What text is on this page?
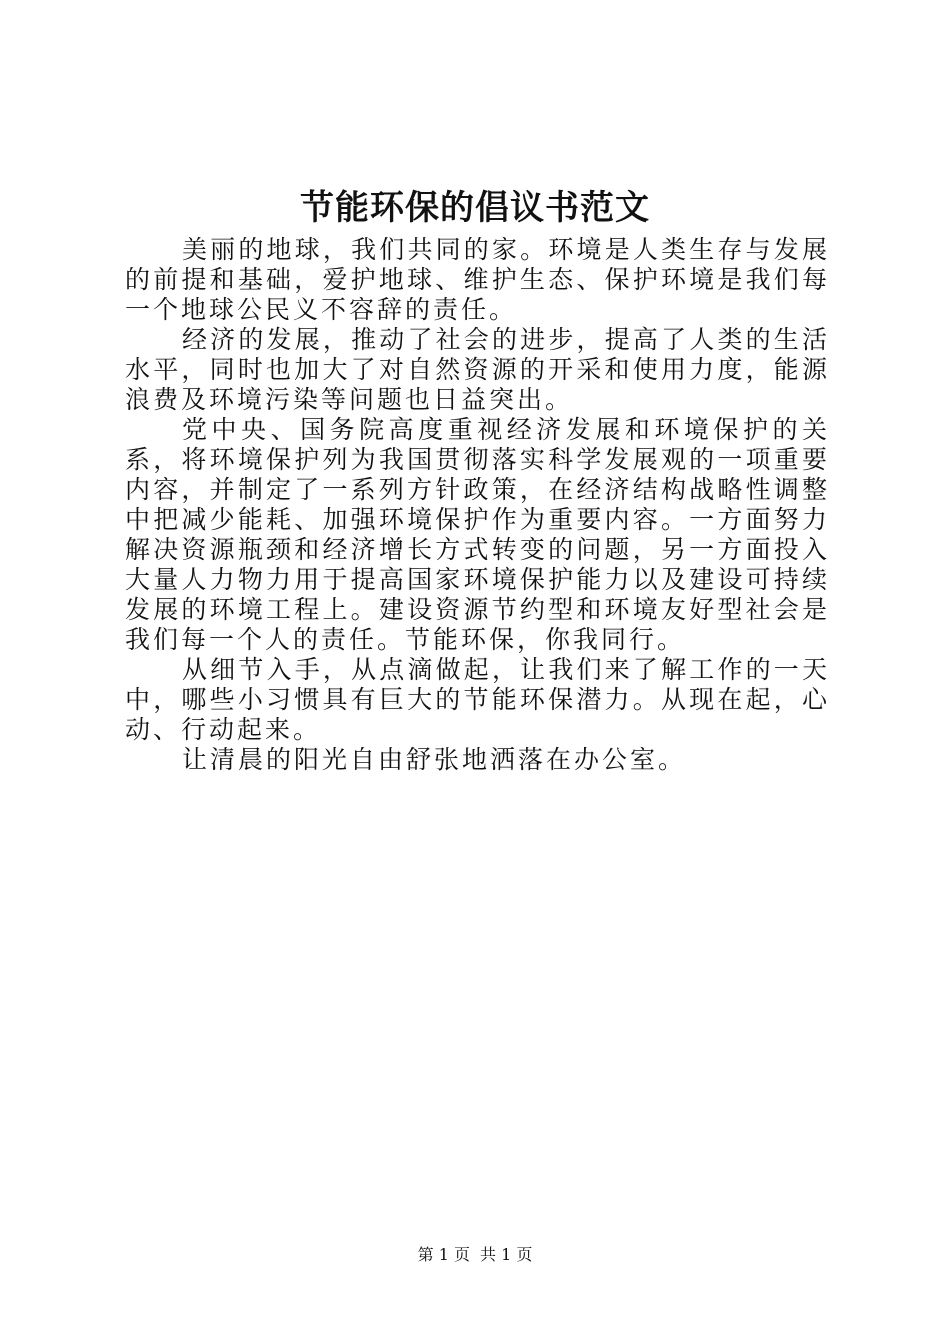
节能环保的倡议书范文

美丽的地球，我们共同的家。环境是人类生存与发展的前提和基础，爱护地球、维护生态、保护环境是我们每一个地球公民义不容辞的责任。

经济的发展，推动了社会的进步，提高了人类的生活水平，同时也加大了对自然资源的开采和使用力度，能源浪费及环境污染等问题也日益突出。

党中央、国务院高度重视经济发展和环境保护的关系，将环境保护列为我国贯彻落实科学发展观的一项重要内容，并制定了一系列方针政策，在经济结构战略性调整中把减少能耗、加强环境保护作为重要内容。一方面努力解决资源瓶颈和经济增长方式转变的问题，另一方面投入大量人力物力用于提高国家环境保护能力以及建设可持续发展的环境工程上。建设资源节约型和环境友好型社会是我们每一个人的责任。节能环保，你我同行。

从细节入手，从点滴做起，让我们来了解工作的一天中，哪些小习惯具有巨大的节能环保潜力。从现在起，心动、行动起来。

让清晨的阳光自由舒张地洒落在办公室。

第 1 页 共 1 页
